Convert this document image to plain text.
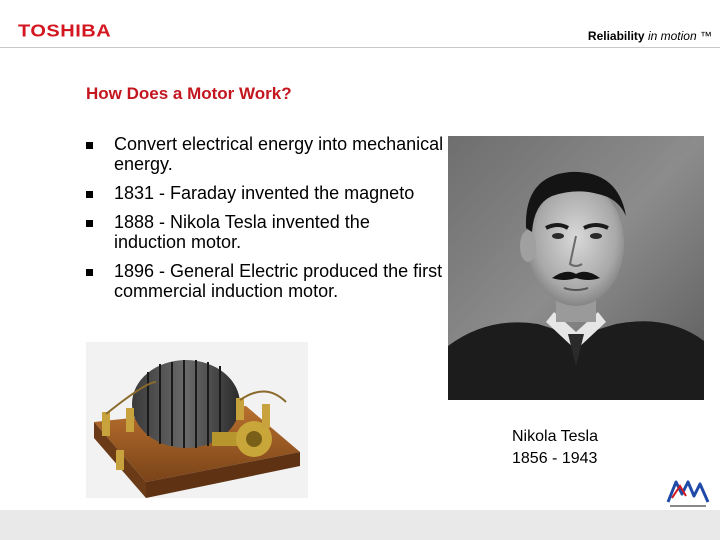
TOSHIBA	Reliability in motion ™
How Does a Motor Work?
Convert electrical energy into mechanical energy.
1831 - Faraday invented the magneto
1888 - Nikola Tesla invented the induction motor.
1896 - General Electric produced the first commercial induction motor.
Nikola Tesla
1856 - 1943
